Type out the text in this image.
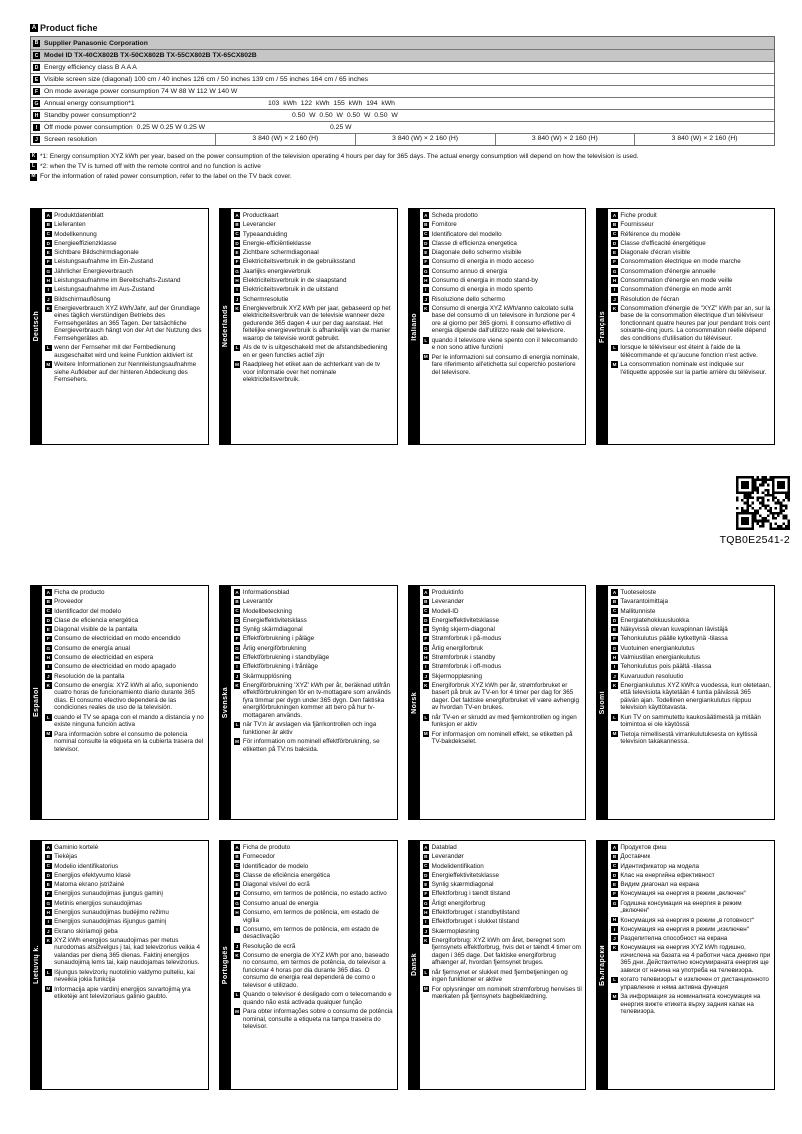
A Product fiche
B Supplier Panasonic Corporation
C Model ID TX-40CX802B TX-50CX802B TX-55CX802B TX-65CX802B
D Energy efficiency class B A A A
E Visible screen size (diagonal) 100 cm / 40 inches 126 cm / 50 inches 139 cm / 55 inches 164 cm / 65 inches
F On mode average power consumption 74 W 88 W 112 W 140 W
G Annual energy consumption*1	103 kWh 122 kWh 155 kWh 194 kWh
H Standby power consumption*2	0.50 W 0.50 W 0.50 W 0.50 W
I	Off mode power consumption 0.25 W 0.25 W 0.25 W	0.25 W
J Screen resolution	3 840 (W) × 2 160 (H)	3 840 (W) × 2 160 (H)	3 840 (W) × 2 160 (H)	3 840 (W) × 2 160 (H)
K *1: Energy consumption XYZ kWh per year, based on the power consumption of the television operating 4 hours per day for 365 days. The actual energy consumption will depend on how the television is used.
L *2: when the TV is turned off with the remote control and no function is active
M For the information of rated power consumption, refer to the label on the TV back cover.
Deutsch
A Produktdatenblatt
B Lieferanten
C Modellkennung
D Energieeffizienzklasse
E Sichtbare Bildschirmdiagonale
F Leistungsaufnahme im Ein-Zustand
G Jährlicher Energieverbrauch
H Leistungsaufnahme im Bereitschafts-Zustand
I Leistungsaufnahme im Aus-Zustand
J Bildschirmauflösung
K Energieverbrauch XYZ kWh/Jahr, auf der Grundlage eines täglich vierstündigen Betriebs des Fernsehgerätes an 365 Tagen. Der tatsächliche Energieverbrauch hängt von der Art der Nutzung des Fernsehgerätes ab.
L wenn der Fernseher mit der Fernbedienung ausgeschaltet wird und keine Funktion aktiviert ist
M Weitere Informationen zur Nennleistungsaufnahme siehe Aufkleber auf der hinteren Abdeckung des Fernsehers.
Nederlands
A Productkaart
B Leverancier
C Typeaanduiding
D Energie-efficiëntieklasse
E Zichtbare schermdiagonaal
F Elektriciteitsverbruik in de gebruiksstand
G Jaarlijks energieverbruik
H Elektriciteitsverbruik in de slaapstand
I Elektriciteitsverbruik in de uitstand
J Schermresolutie
K Energieverbruik XYZ kWh per jaar, gebaseerd op het elektriciteitsverbruik van de televisie wanneer deze gedurende 365 dagen 4 uur per dag aanstaat. Het feitelijke energieverbruik is afhankelijk van de manier waarop de televisie wordt gebruikt.
L Als de tv is uitgeschakeld met de afstandsbediening en er geen functies actief zijn
M Raadpleeg het etiket aan de achterkant van de tv voor informatie over het nominale elektriciteitsverbruik.
Italiano
A Scheda prodotto
B Fornitore
C Identificatore del modello
D Classe di efficienza energetica
E Diagonale dello schermo visibile
F Consumo di energia in modo acceso
G Consumo annuo di energia
H Consumo di energia in modo stand-by
I Consumo di energia in modo spento
J Risoluzione dello schermo
K Consumo di energia XYZ kWh/anno calcolato sulla base del consumo di un televisore in funzione per 4 ore al giorno per 365 giorni. Il consumo effettivo di energia dipende dall'utilizzo reale del televisore.
L quando il televisore viene spento con il telecomando e non sono attive funzioni
M Per le informazioni sul consumo di energia nominale, fare riferimento all'etichetta sul coperchio posteriore del televisore.
Français
A Fiche produit
B Fournisseur
C Référence du modèle
D Classe d'efficacité énergétique
E Diagonale d'écran visible
F Consommation électrique en mode marche
G Consommation d'énergie annuelle
H Consommation d'énergie en mode veille
I Consommation d'énergie en mode arrêt
J Résolution de l'écran
K Consommation d'énergie de "XYZ" kWh par an, sur la base de la consommation électrique d'un téléviseur fonctionnant quatre heures par jour pendant trois cent soixante-cinq jours. La consommation réelle dépend des conditions d'utilisation du téléviseur.
L lorsque le téléviseur est éteint à l'aide de la télécommande et qu'aucune fonction n'est active.
M La consommation nominale est indiquée sur l'étiquette apposée sur la partie arrière du téléviseur.
Español
A Ficha de producto
B Proveedor
C Identificador del modelo
D Clase de eficiencia energética
E Diagonal visible de la pantalla
F Consumo de electricidad en modo encendido
G Consumo de energía anual
H Consumo de electricidad en espera
I Consumo de electricidad en modo apagado
J Resolución de la pantalla
K Consumo de energía: XYZ kWh al año, suponiendo cuatro horas de funcionamiento diario durante 365 días. El consumo efectivo dependerá de las condiciones reales de uso de la televisión.
L cuando el TV se apaga con el mando a distancia y no existe ninguna función activa
M Para información sobre el consumo de potencia nominal consulte la etiqueta en la cubierta trasera del televisor.
Svenska
A Informationsblad
B Leverantör
C Modellbeteckning
D Energieffektivitetsklass
E Synlig skärmdiagonal
F Effektförbrukning i påläge
G Årlig energiförbrukning
H Effektförbrukning i standbyläge
I Effektförbrukning i frånläge
J Skärmupplösning
K Energiförbrukning 'XYZ' kWh per år, beräknad utifrån effektförbrukningen för en tv-mottagare som används fyra timmar per dygn under 365 dygn. Den faktiska energiförbrukningen kommer att bero på hur tv-mottagaren används.
L när TV:n är avslagen via fjärrkontrollen och inga funktioner är aktiv
M För information om nominell effektförbrukning, se etiketten på TV:ns baksida.
Norsk
A Produktinfo
B Leverandør
C Modell-ID
D Energieffektivitetsklasse
E Synlig skjerm-diagonal
F Strømforbruk i på-modus
G Årlig energiforbruk
H Strømforbruk i standby
I Strømforbruk i off-modus
J Skjermoppløsning
K Energiforbruk XYZ kWh per år, strømforbruket er basert på bruk av TV-en for 4 timer per dag for 365 dager. Det faktiske energiforbruket vil være avhengig av hvordan TV-en brukes.
L når TV-en er skrudd av med fjernkontrollen og ingen funksjon er aktiv
M For informasjon om nominell effekt, se etiketten på TV-bakdekselet.
Suomi
A Tuoteseloste
B Tavarantoimittaja
C Mallitunniste
D Energiatehokkuusluokka
E Näkyvissä olevan kuvapinnan lävistäjä
F Tehonkulutus päälle kytkettynä -tilassa
G Vuotuinen energiankulutus
H Valmiustilan energiankulutus
I Tehonkulutus pois päältä -tilassa
J Kuvaruudun resoluutio
K Energiankulutus XYZ kWh:a vuodessa, kun oletetaan, että televisiota käytetään 4 tuntia päivässä 365 päivän ajan. Todellinen energiankulutus riippuu television käyttötavasta.
L Kun TV on sammutettu kaukosäätimestä ja mitään toimintoa ei ole käytössä
M Tietoja nimellisestä virrankulutuksesta on kyltissä television takakannessa.
Lietuvių k.
A Gaminio kortelė
B Tiekėjas
C Modelio identifikatorius
D Energijos efektyvumo klasė
E Matoma ekrano įstrižainė
F Energijos sunaudojimas įjungus gaminį
G Metinis energijos sunaudojimas
H Energijos sunaudojimas budėjimo režimu
I Energijos sunaudojimas išjungus gaminį
J Ekrano skiriamoji geba
K XYZ kWh energijos sunaudojimas per metus nurodomas atsižvelgus į tai, kad televizorius veikia 4 valandas per dieną 365 dienas. Faktinį energijos sunaudojimą lems tai, kaip naudojamas televizorius.
L Išjungus televizorių nuotolinio valdymo pulteliu, kai neveikia jokia funkcija
M Informacija apie vardinį energijos suvartojimą yra etiketėje ant televizoriaus galinio gaubto.
Português
A Ficha de produto
B Fornecedor
C Identificador de modelo
D Classe de eficiência energética
E Diagonal visível do ecrã
F Consumo, em termos de potência, no estado activo
G Consumo anual de energia
H Consumo, em termos de potência, em estado de vigília
I Consumo, em termos de potência, em estado de desactivação
J Resolução de ecrã
K Consumo de energia de XYZ kWh por ano, baseado no consumo, em termos de potência, do televisor a funcionar 4 horas por dia durante 365 dias. O consumo de energia real dependerá de como o televisor é utilizado.
L Quando o televisor é desligado com o telecomando e quando não está activada qualquer função
M Para obter informações sobre o consumo de potência nominal, consulte a etiqueta na tampa traseira do televisor.
Dansk
A Datablad
B Leverandør
C Modelidentifikation
D Energieffektivitetsklasse
E Synlig skærmdiagonal
F Effektforbrug i tændt tilstand
G Årligt energiforbrug
H Effektforbruget i standbytilstand
I Effektforbruget i slukket tilstand
J Skærmopløsning
K Energiforbrug: XYZ kWh om året, beregnet som fjernsynets effektforbrug, hvis det er tændt 4 timer om dagen i 365 dage. Det faktiske energiforbrug afhænger af, hvordan fjernsynet bruges.
L når fjernsynet er slukket med fjernbetjeningen og ingen funktioner er aktive
M For oplysninger om nominelt strømforbrug henvises til mærkaten på fjernsynets bagbeklædning.
Български
A Продуктов фиш
B Доставчик
C Идентификатор на модела
D Клас на енергийна ефективност
E Видим диагонал на екрана
F Консумация на енергия в режим „включен“
G Годишна консумация на енергия в режим „включен“
H Консумация на енергия в режим „в готовност“
I Консумация на енергия в режим „изключен“
J Разделителна способност на екрана
K Консумация на енергия XYZ kWh годишно, изчислена на базата на 4 работни часа дневно при 365 дни. Действително консумираната енергия ще зависи от начина на употреба на телевизора.
L когато телевизорът е изключен от дистанционното управление и няма активна функция
M За информация за номиналната консумация на енергия вижте етикета върху задния капак на телевизора.
TQB0E2541-2
